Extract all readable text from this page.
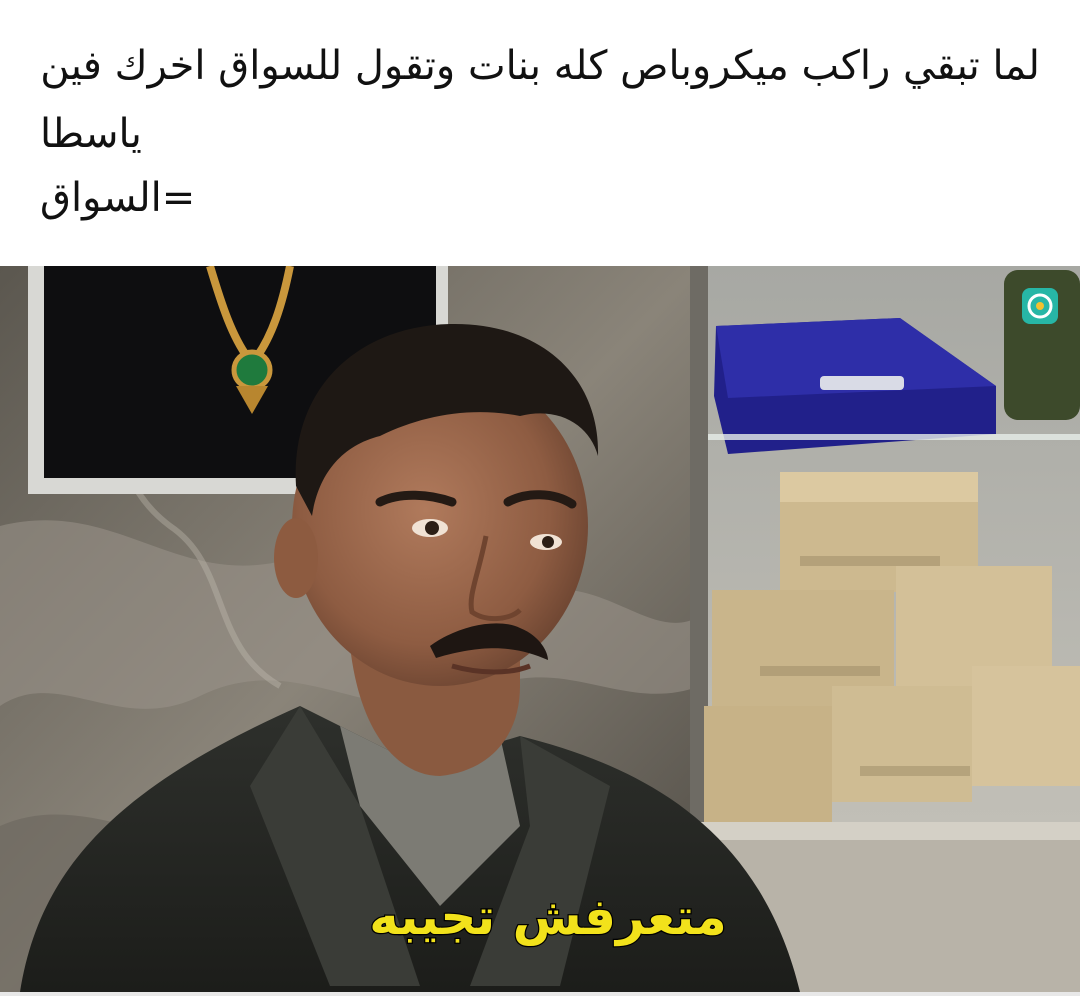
لما تبقي راكب ميكروباص كله بنات وتقول للسواق اخرك فين
ياسطا
=السواق
متعرفش تجيبه
